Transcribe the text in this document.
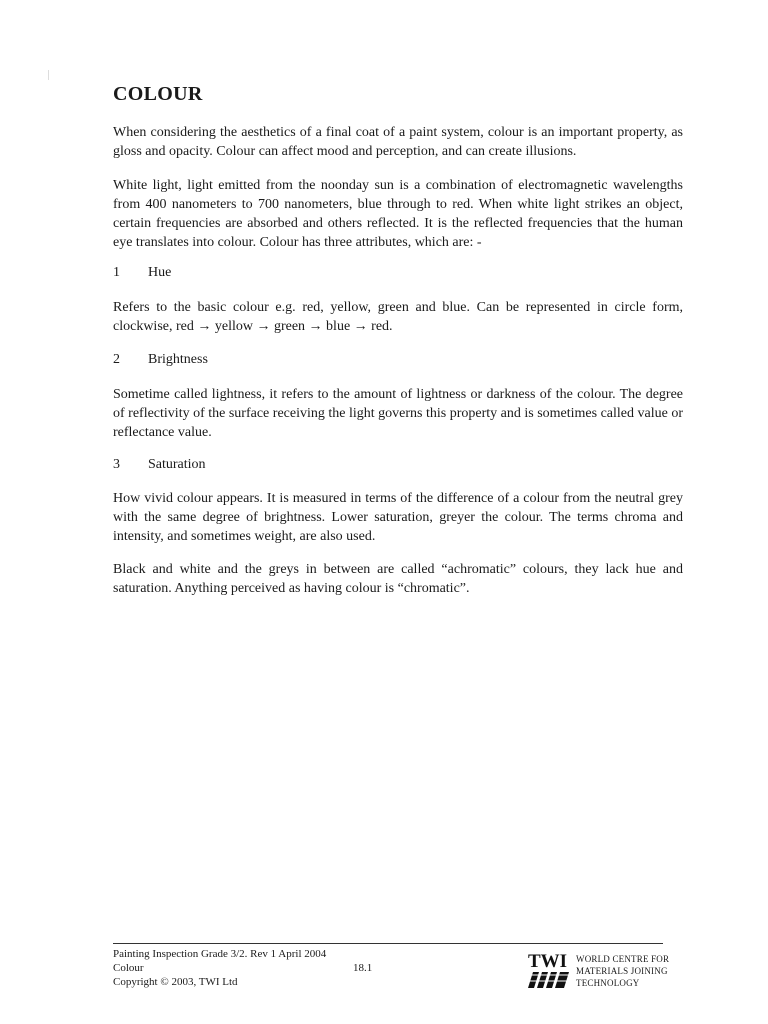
COLOUR

When considering the aesthetics of a final coat of a paint system, colour is an important property, as gloss and opacity. Colour can affect mood and perception, and can create illusions.

White light, light emitted from the noonday sun is a combination of electromagnetic wavelengths from 400 nanometers to 700 nanometers, blue through to red. When white light strikes an object, certain frequencies are absorbed and others reflected. It is the reflected frequencies that the human eye translates into colour. Colour has three attributes, which are: -

1 Hue

Refers to the basic colour e.g. red, yellow, green and blue. Can be represented in circle form, clockwise, red → yellow → green → blue → red.

2 Brightness

Sometime called lightness, it refers to the amount of lightness or darkness of the colour. The degree of reflectivity of the surface receiving the light governs this property and is sometimes called value or reflectance value.

3 Saturation

How vivid colour appears. It is measured in terms of the difference of a colour from the neutral grey with the same degree of brightness. Lower saturation, greyer the colour. The terms chroma and intensity, and sometimes weight, are also used.

Black and white and the greys in between are called “achromatic” colours, they lack hue and saturation. Anything perceived as having colour is “chromatic”.

Painting Inspection Grade 3/2. Rev 1 April 2004
Colour
Copyright © 2003, TWI Ltd
18.1	TWI WORLD CENTRE FOR
MATERIALS JOINING
TECHNOLOGY
